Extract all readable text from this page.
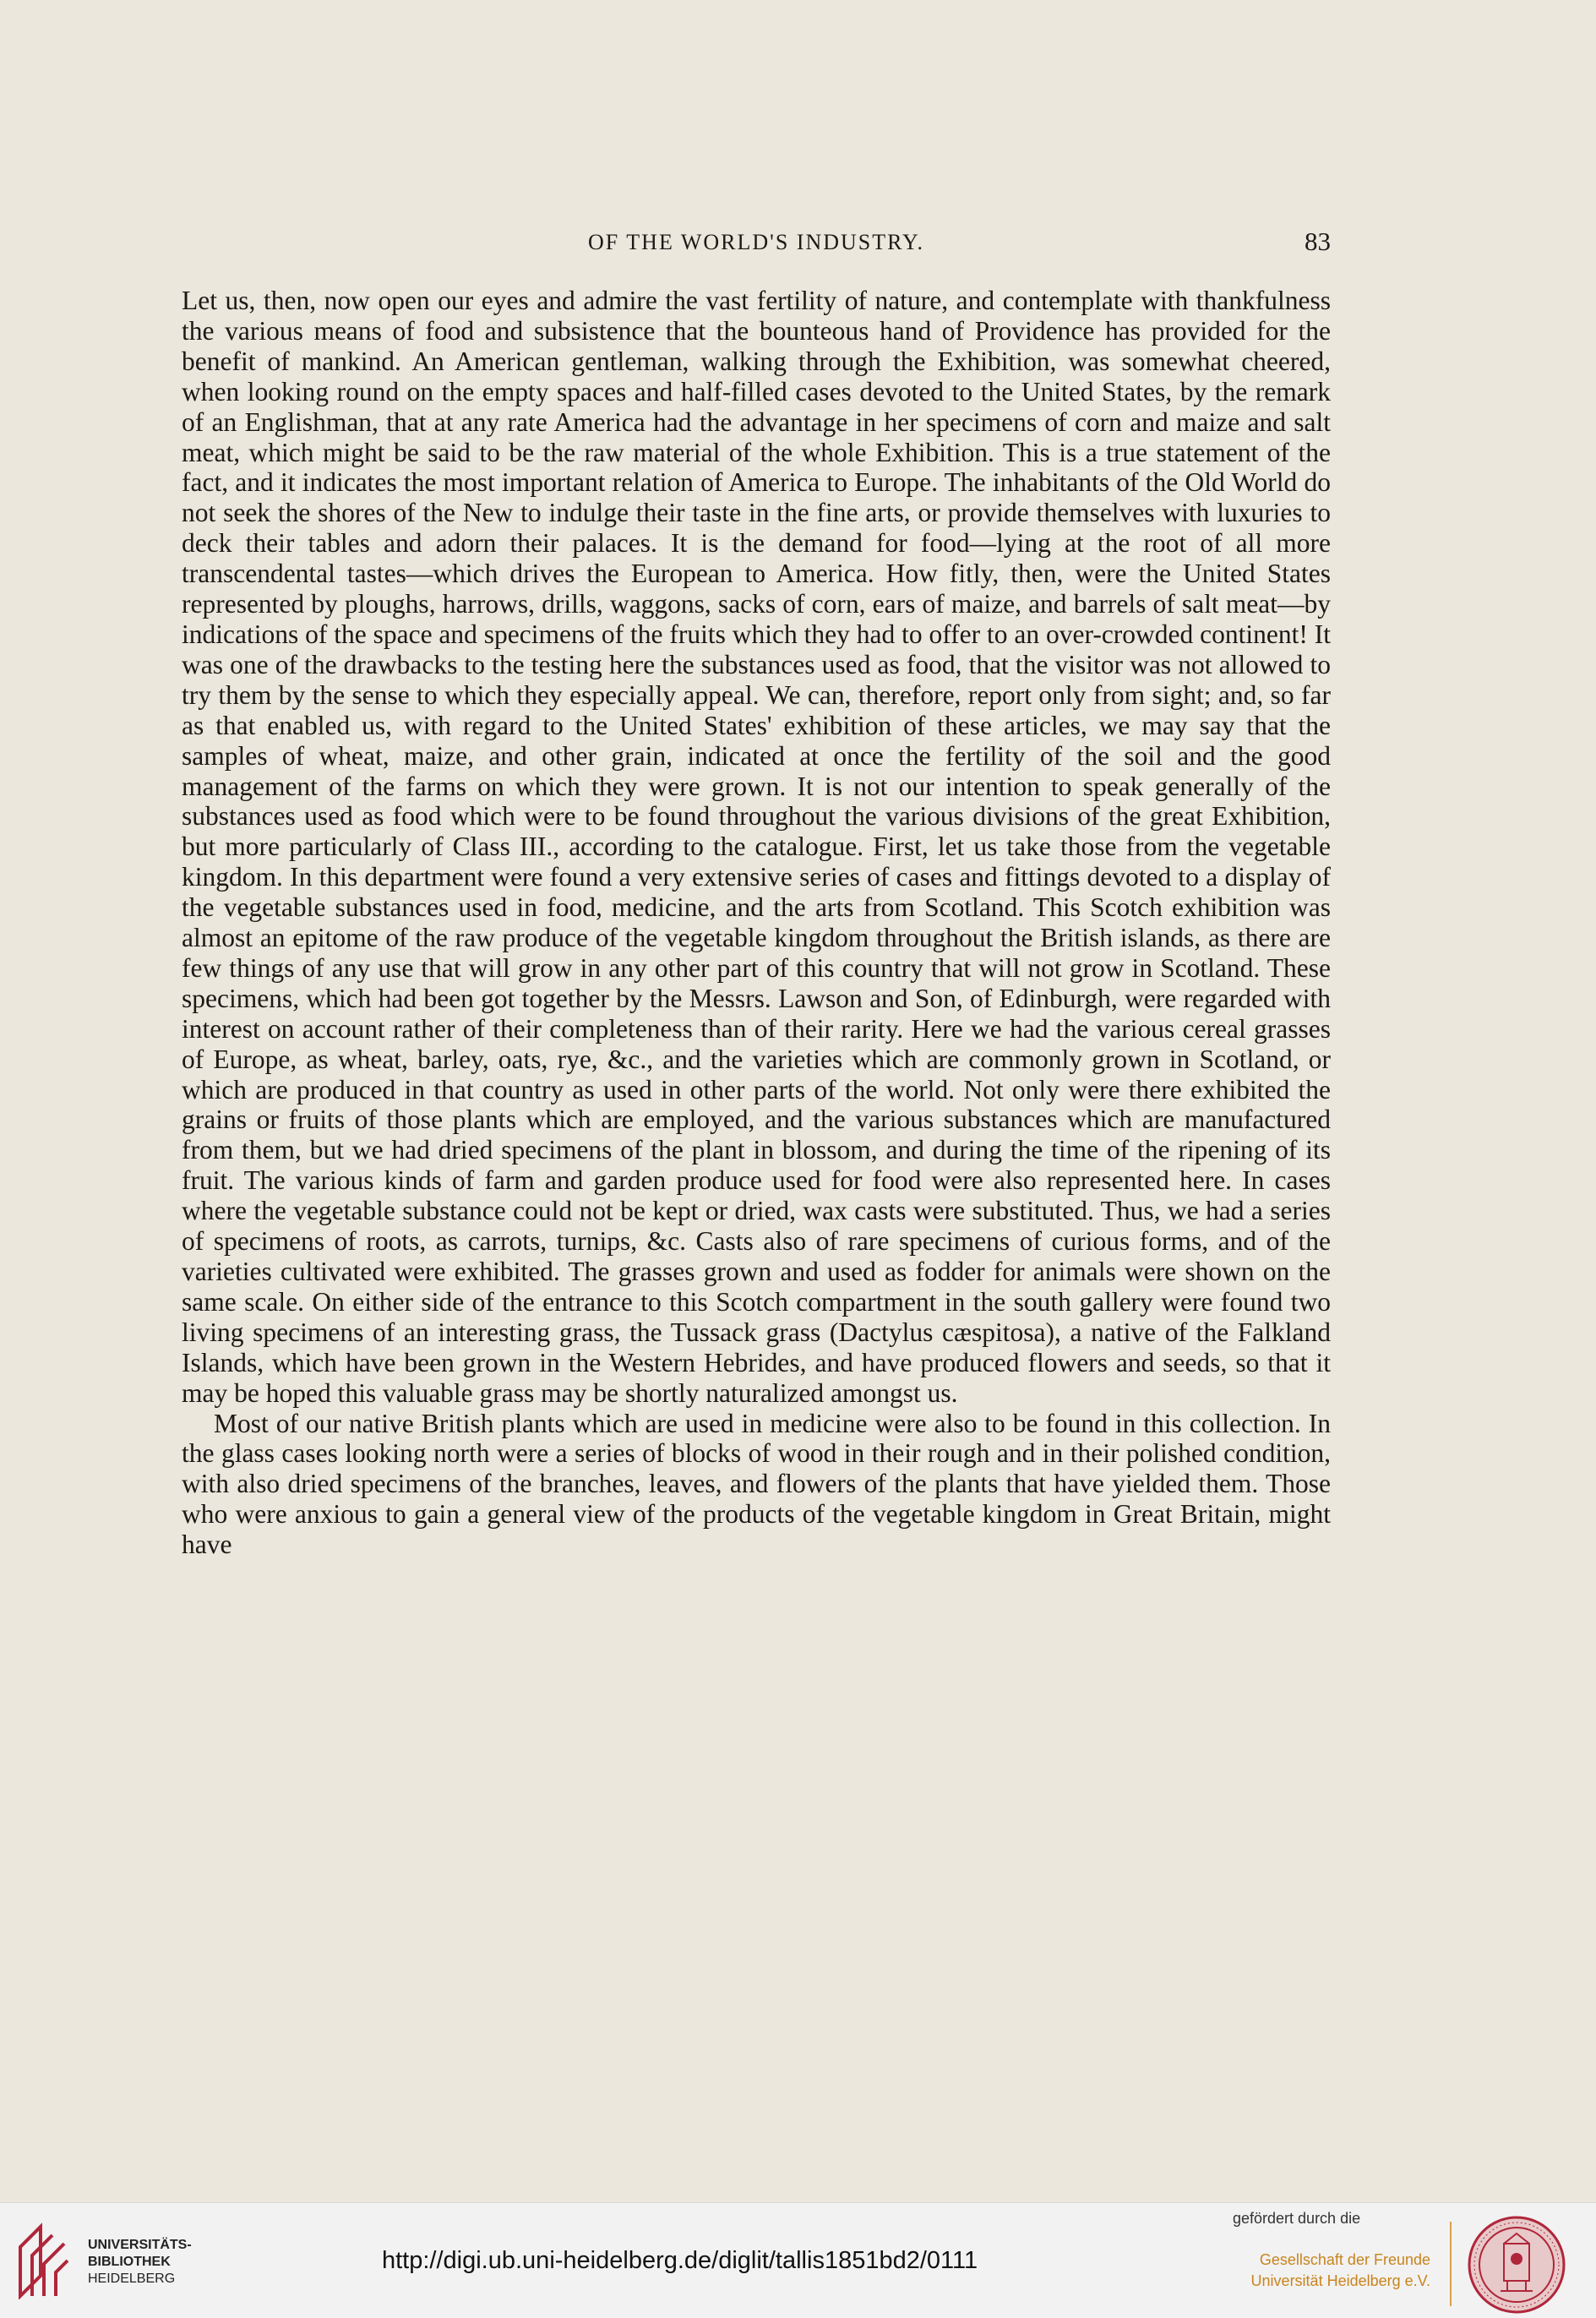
OF THE WORLD'S INDUSTRY.	83

Let us, then, now open our eyes and admire the vast fertility of nature, and contemplate with thankfulness the various means of food and subsistence that the bounteous hand of Providence has provided for the benefit of mankind. An American gentleman, walking through the Exhibition, was somewhat cheered, when looking round on the empty spaces and half-filled cases devoted to the United States, by the remark of an Englishman, that at any rate America had the advantage in her specimens of corn and maize and salt meat, which might be said to be the raw material of the whole Exhibition. This is a true statement of the fact, and it indicates the most important relation of America to Europe. The inhabitants of the Old World do not seek the shores of the New to indulge their taste in the fine arts, or provide themselves with luxuries to deck their tables and adorn their palaces. It is the demand for food—lying at the root of all more transcendental tastes—which drives the European to America. How fitly, then, were the United States represented by ploughs, harrows, drills, waggons, sacks of corn, ears of maize, and barrels of salt meat—by indications of the space and specimens of the fruits which they had to offer to an over-crowded continent! It was one of the drawbacks to the testing here the substances used as food, that the visitor was not allowed to try them by the sense to which they especially appeal. We can, therefore, report only from sight; and, so far as that enabled us, with regard to the United States' exhibition of these articles, we may say that the samples of wheat, maize, and other grain, indicated at once the fertility of the soil and the good management of the farms on which they were grown. It is not our intention to speak generally of the substances used as food which were to be found throughout the various divisions of the great Exhibition, but more particularly of Class III., according to the catalogue. First, let us take those from the vegetable kingdom. In this department were found a very extensive series of cases and fittings devoted to a display of the vegetable substances used in food, medicine, and the arts from Scotland. This Scotch exhibition was almost an epitome of the raw produce of the vegetable kingdom throughout the British islands, as there are few things of any use that will grow in any other part of this country that will not grow in Scotland. These specimens, which had been got together by the Messrs. Lawson and Son, of Edinburgh, were regarded with interest on account rather of their completeness than of their rarity. Here we had the various cereal grasses of Europe, as wheat, barley, oats, rye, &c., and the varieties which are commonly grown in Scotland, or which are produced in that country as used in other parts of the world. Not only were there exhibited the grains or fruits of those plants which are employed, and the various substances which are manufactured from them, but we had dried specimens of the plant in blossom, and during the time of the ripening of its fruit. The various kinds of farm and garden produce used for food were also represented here. In cases where the vegetable substance could not be kept or dried, wax casts were substituted. Thus, we had a series of specimens of roots, as carrots, turnips, &c. Casts also of rare specimens of curious forms, and of the varieties cultivated were exhibited. The grasses grown and used as fodder for animals were shown on the same scale. On either side of the entrance to this Scotch compartment in the south gallery were found two living specimens of an interesting grass, the Tussack grass (Dactylus cæspitosa), a native of the Falkland Islands, which have been grown in the Western Hebrides, and have produced flowers and seeds, so that it may be hoped this valuable grass may be shortly naturalized amongst us.

Most of our native British plants which are used in medicine were also to be found in this collection. In the glass cases looking north were a series of blocks of wood in their rough and in their polished condition, with also dried specimens of the branches, leaves, and flowers of the plants that have yielded them. Those who were anxious to gain a general view of the products of the vegetable kingdom in Great Britain, might have

UNIVERSITÄTS-
BIBLIOTHEK
HEIDELBERG
http://digi.ub.uni-heidelberg.de/diglit/tallis1851bd2/0111
gefördert durch die
Gesellschaft der Freunde
Universität Heidelberg e.V.
